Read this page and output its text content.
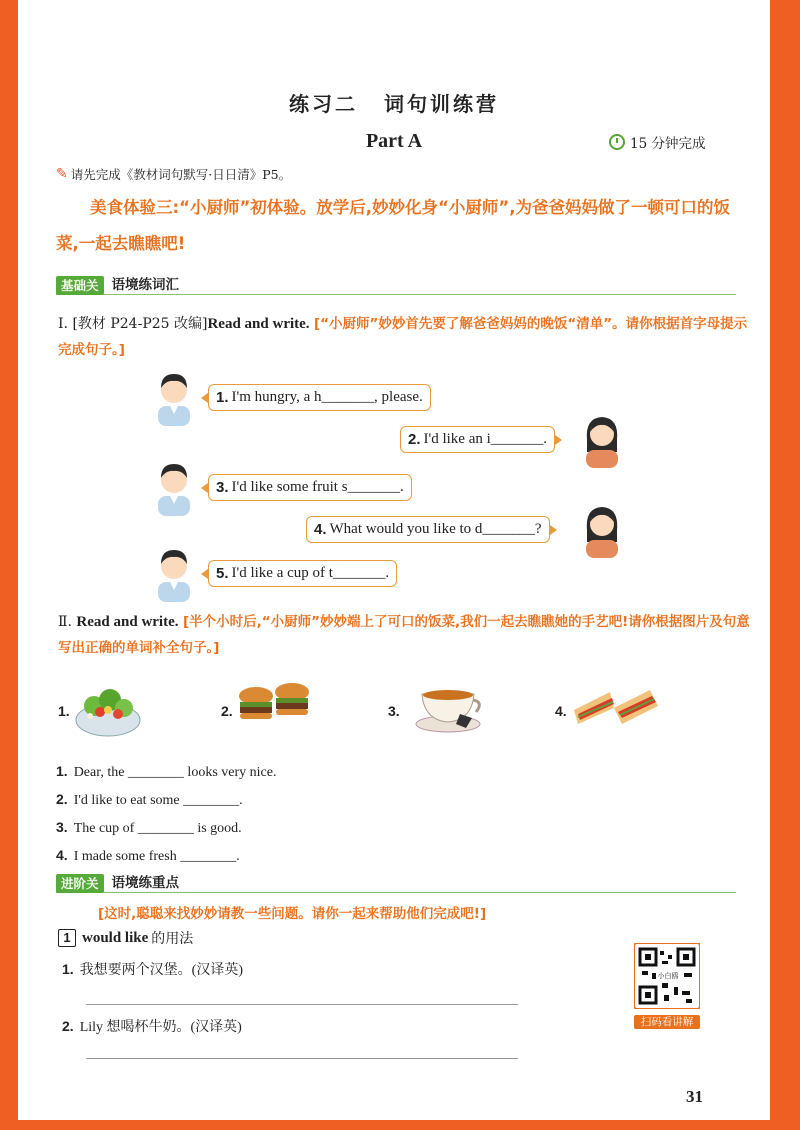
练习二 词句训练营
Part A	15 分钟完成
✎ 请先完成《教材词句默写·日日清》P5。
美食体验三:“小厨师”初体验。放学后,妙妙化身“小厨师”,为爸爸妈妈做了一顿可口的饭菜,一起去瞧瞧吧!
基础关 语境练词汇
Ⅰ. [教材 P24-P25 改编]Read and write. [“小厨师”妙妙首先要了解爸爸妈妈的晚饭“清单”。请你根据首字母提示完成句子。]
1. I'm hungry, a h_______, please.
2. I'd like an i_______.
3. I'd like some fruit s_______.
4. What would you like to d_______?
5. I'd like a cup of t_______.
Ⅱ. Read and write. [半个小时后,“小厨师”妙妙端上了可口的饭菜,我们一起去瞧瞧她的手艺吧!请你根据图片及句意写出正确的单词补全句子。]
1.	2.	3.	4.
1. Dear, the ________ looks very nice.
2. I'd like to eat some ________.
3. The cup of ________ is good.
4. I made some fresh ________.
进阶关 语境练重点
[这时,聪聪来找妙妙请教一些问题。请你一起来帮助他们完成吧!]
1 would like 的用法
1. 我想要两个汉堡。(汉译英)
2. Lily 想喝杯牛奶。(汉译英)
小白鸥
扫码看讲解
31
